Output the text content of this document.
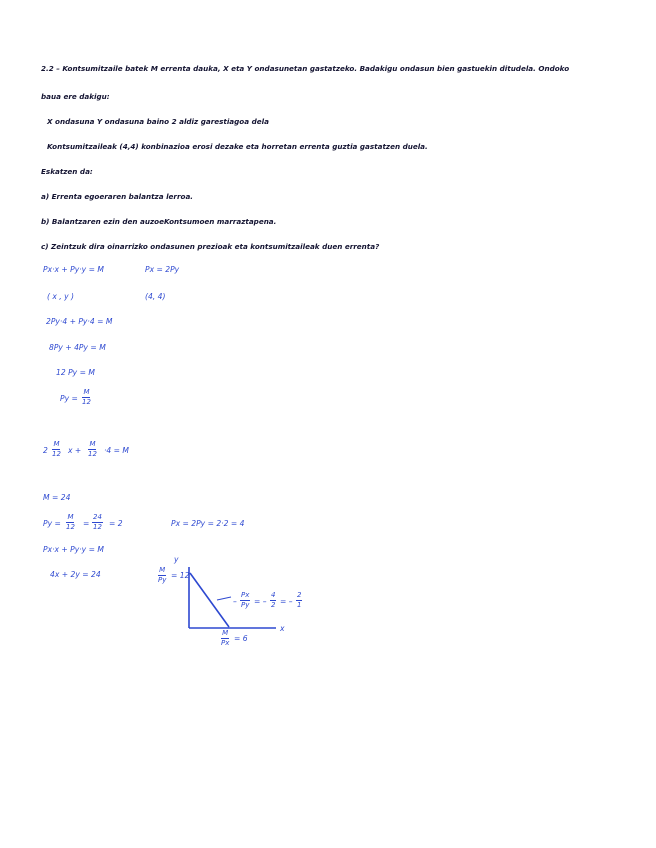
2.2 – Kontsumitzaile batek M errenta dauka, X eta Y ondasunetan gastatzeko. Badakigu ondasun bien gastuekin ditudela. Ondoko
baua ere dakigu:
X ondasuna Y ondasuna baino 2 aldiz garestiagoa dela
Kontsumitzaileak (4,4) konbinazioa erosi dezake eta horretan errenta guztia gastatzen duela.
Eskatzen da:
a) Errenta egoeraren balantza lerroa.
b) Balantzaren ezin den auzoeKontsumoen marraztapena.
c) Zeintzuk dira oinarrizko ondasunen prezioak eta kontsumitzaileak duen errenta?
Px·x + Py·y = M	Px = 2Py
( x , y )	(4, 4)
2Py·4 + Py·4 = M
8Py + 4Py = M
12 Py = M
$Py = \frac{M}{12}$
$2 \frac{M}{12}$ $x + \frac{M}{12} \cdot 4 = M$
M = 24
$Py = \frac{M}{12} = \frac{24}{12} = 2$	Px = 2Py = 2·2 = 4
Px·x + Py·y = M
4x + 2y = 24
y
x
$\frac{M}{Py} = 12$
$\frac{M}{Px} = 6$
– $\frac{Px}{Py}$ = – $\frac{4}{2}$ = – $\frac{2}{1}$
